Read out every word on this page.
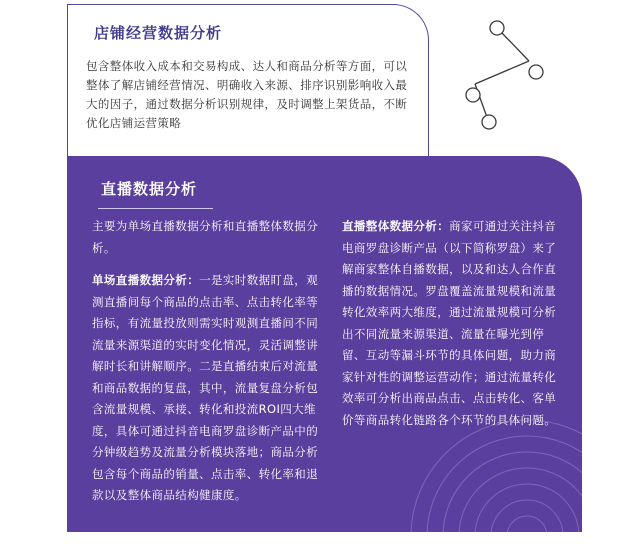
店铺经营数据分析
包含整体收入成本和交易构成、达人和商品分析等方面，可以整体了解店铺经营情况、明确收入来源、排序识别影响收入最大的因子，通过数据分析识别规律，及时调整上架货品，不断优化店铺运营策略
直播数据分析

主要为单场直播数据分析和直播整体数据分析。

单场直播数据分析：一是实时数据盯盘，观测直播间每个商品的点击率、点击转化率等指标，有流量投放则需实时观测直播间不同流量来源渠道的实时变化情况，灵活调整讲解时长和讲解顺序。二是直播结束后对流量和商品数据的复盘，其中，流量复盘分析包含流量规模、承接、转化和投流ROI四大维度，具体可通过抖音电商罗盘诊断产品中的分钟级趋势及流量分析模块落地；商品分析包含每个商品的销量、点击率、转化率和退款以及整体商品结构健康度。

直播整体数据分析：商家可通过关注抖音电商罗盘诊断产品（以下简称罗盘）来了解商家整体自播数据，以及和达人合作直播的数据情况。罗盘覆盖流量规模和流量转化效率两大维度，通过流量规模可分析出不同流量来源渠道、流量在曝光到停留、互动等漏斗环节的具体问题，助力商家针对性的调整运营动作；通过流量转化效率可分析出商品点击、点击转化、客单价等商品转化链路各个环节的具体问题。
